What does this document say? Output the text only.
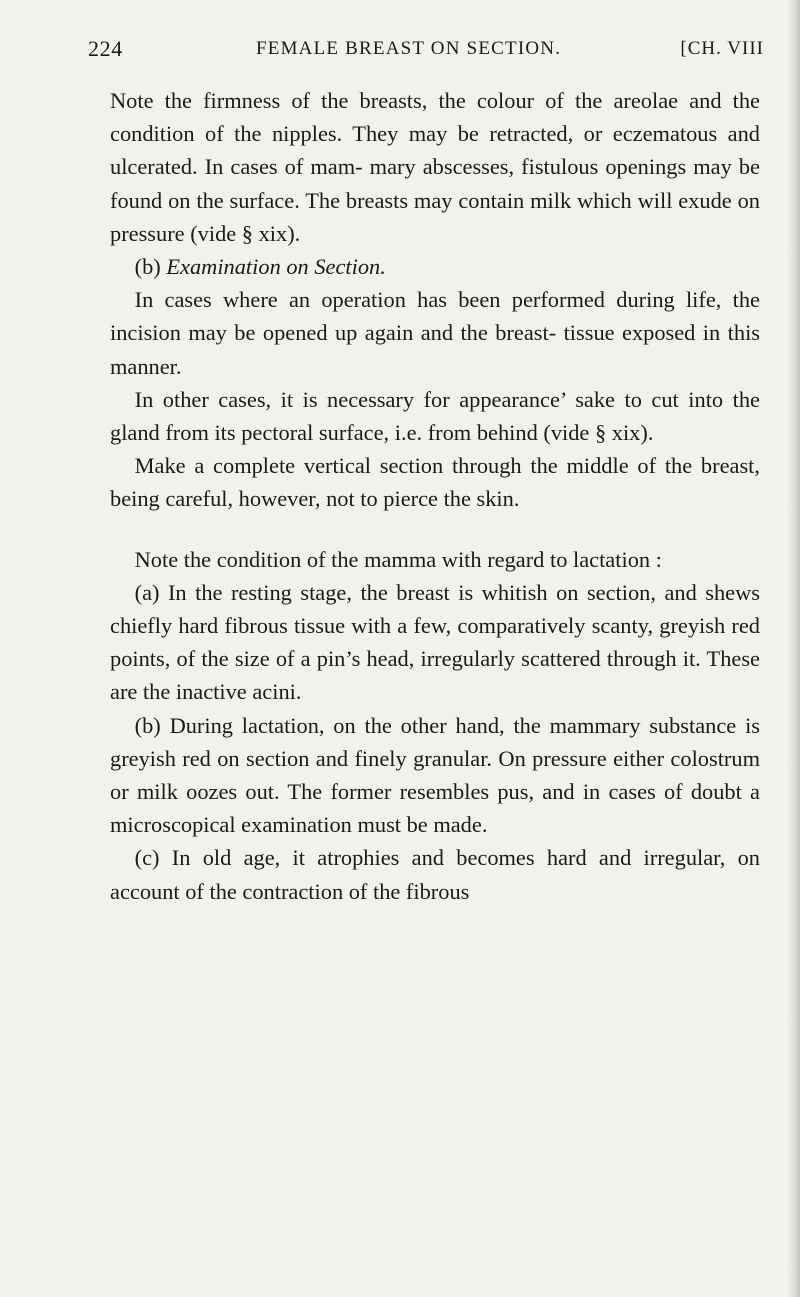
224	FEMALE BREAST ON SECTION.	[CH. VIII

Note the firmness of the breasts, the colour of the areolae and the condition of the nipples. They may be retracted, or eczematous and ulcerated. In cases of mam- mary abscesses, fistulous openings may be found on the surface. The breasts may contain milk which will exude on pressure (vide § xix).

(b) Examination on Section.

In cases where an operation has been performed during life, the incision may be opened up again and the breast- tissue exposed in this manner.

In other cases, it is necessary for appearance’ sake to cut into the gland from its pectoral surface, i.e. from behind (vide § xix).

Make a complete vertical section through the middle of the breast, being careful, however, not to pierce the skin.

Note the condition of the mamma with regard to lactation :

(a) In the resting stage, the breast is whitish on section, and shews chiefly hard fibrous tissue with a few, comparatively scanty, greyish red points, of the size of a pin’s head, irregularly scattered through it. These are the inactive acini.

(b) During lactation, on the other hand, the mammary substance is greyish red on section and finely granular. On pressure either colostrum or milk oozes out. The former resembles pus, and in cases of doubt a microscopical examination must be made.

(c) In old age, it atrophies and becomes hard and irregular, on account of the contraction of the fibrous
